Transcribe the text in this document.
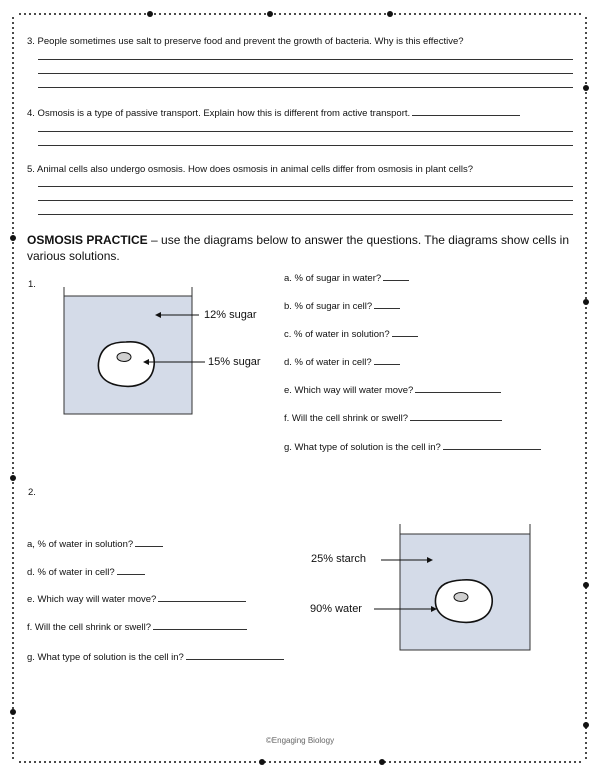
3. People sometimes use salt to preserve food and prevent the growth of bacteria. Why is this effective?
4. Osmosis is a type of passive transport. Explain how this is different from active transport.
5. Animal cells also undergo osmosis. How does osmosis in animal cells differ from osmosis in plant cells?
OSMOSIS PRACTICE – use the diagrams below to answer the questions. The diagrams show cells in
various solutions.
1.
12% sugar
15% sugar
a. % of sugar in water?
b. % of sugar in cell?
c. % of water in solution?
d. % of water in cell?
e. Which way will water move?
f. Will the cell shrink or swell?
g. What type of solution is the cell in?
2.
a, % of water in solution?
d. % of water in cell?
e. Which way will water move?
f. Will the cell shrink or swell?
g. What type of solution is the cell in?
25% starch
90% water
©Engaging Biology
